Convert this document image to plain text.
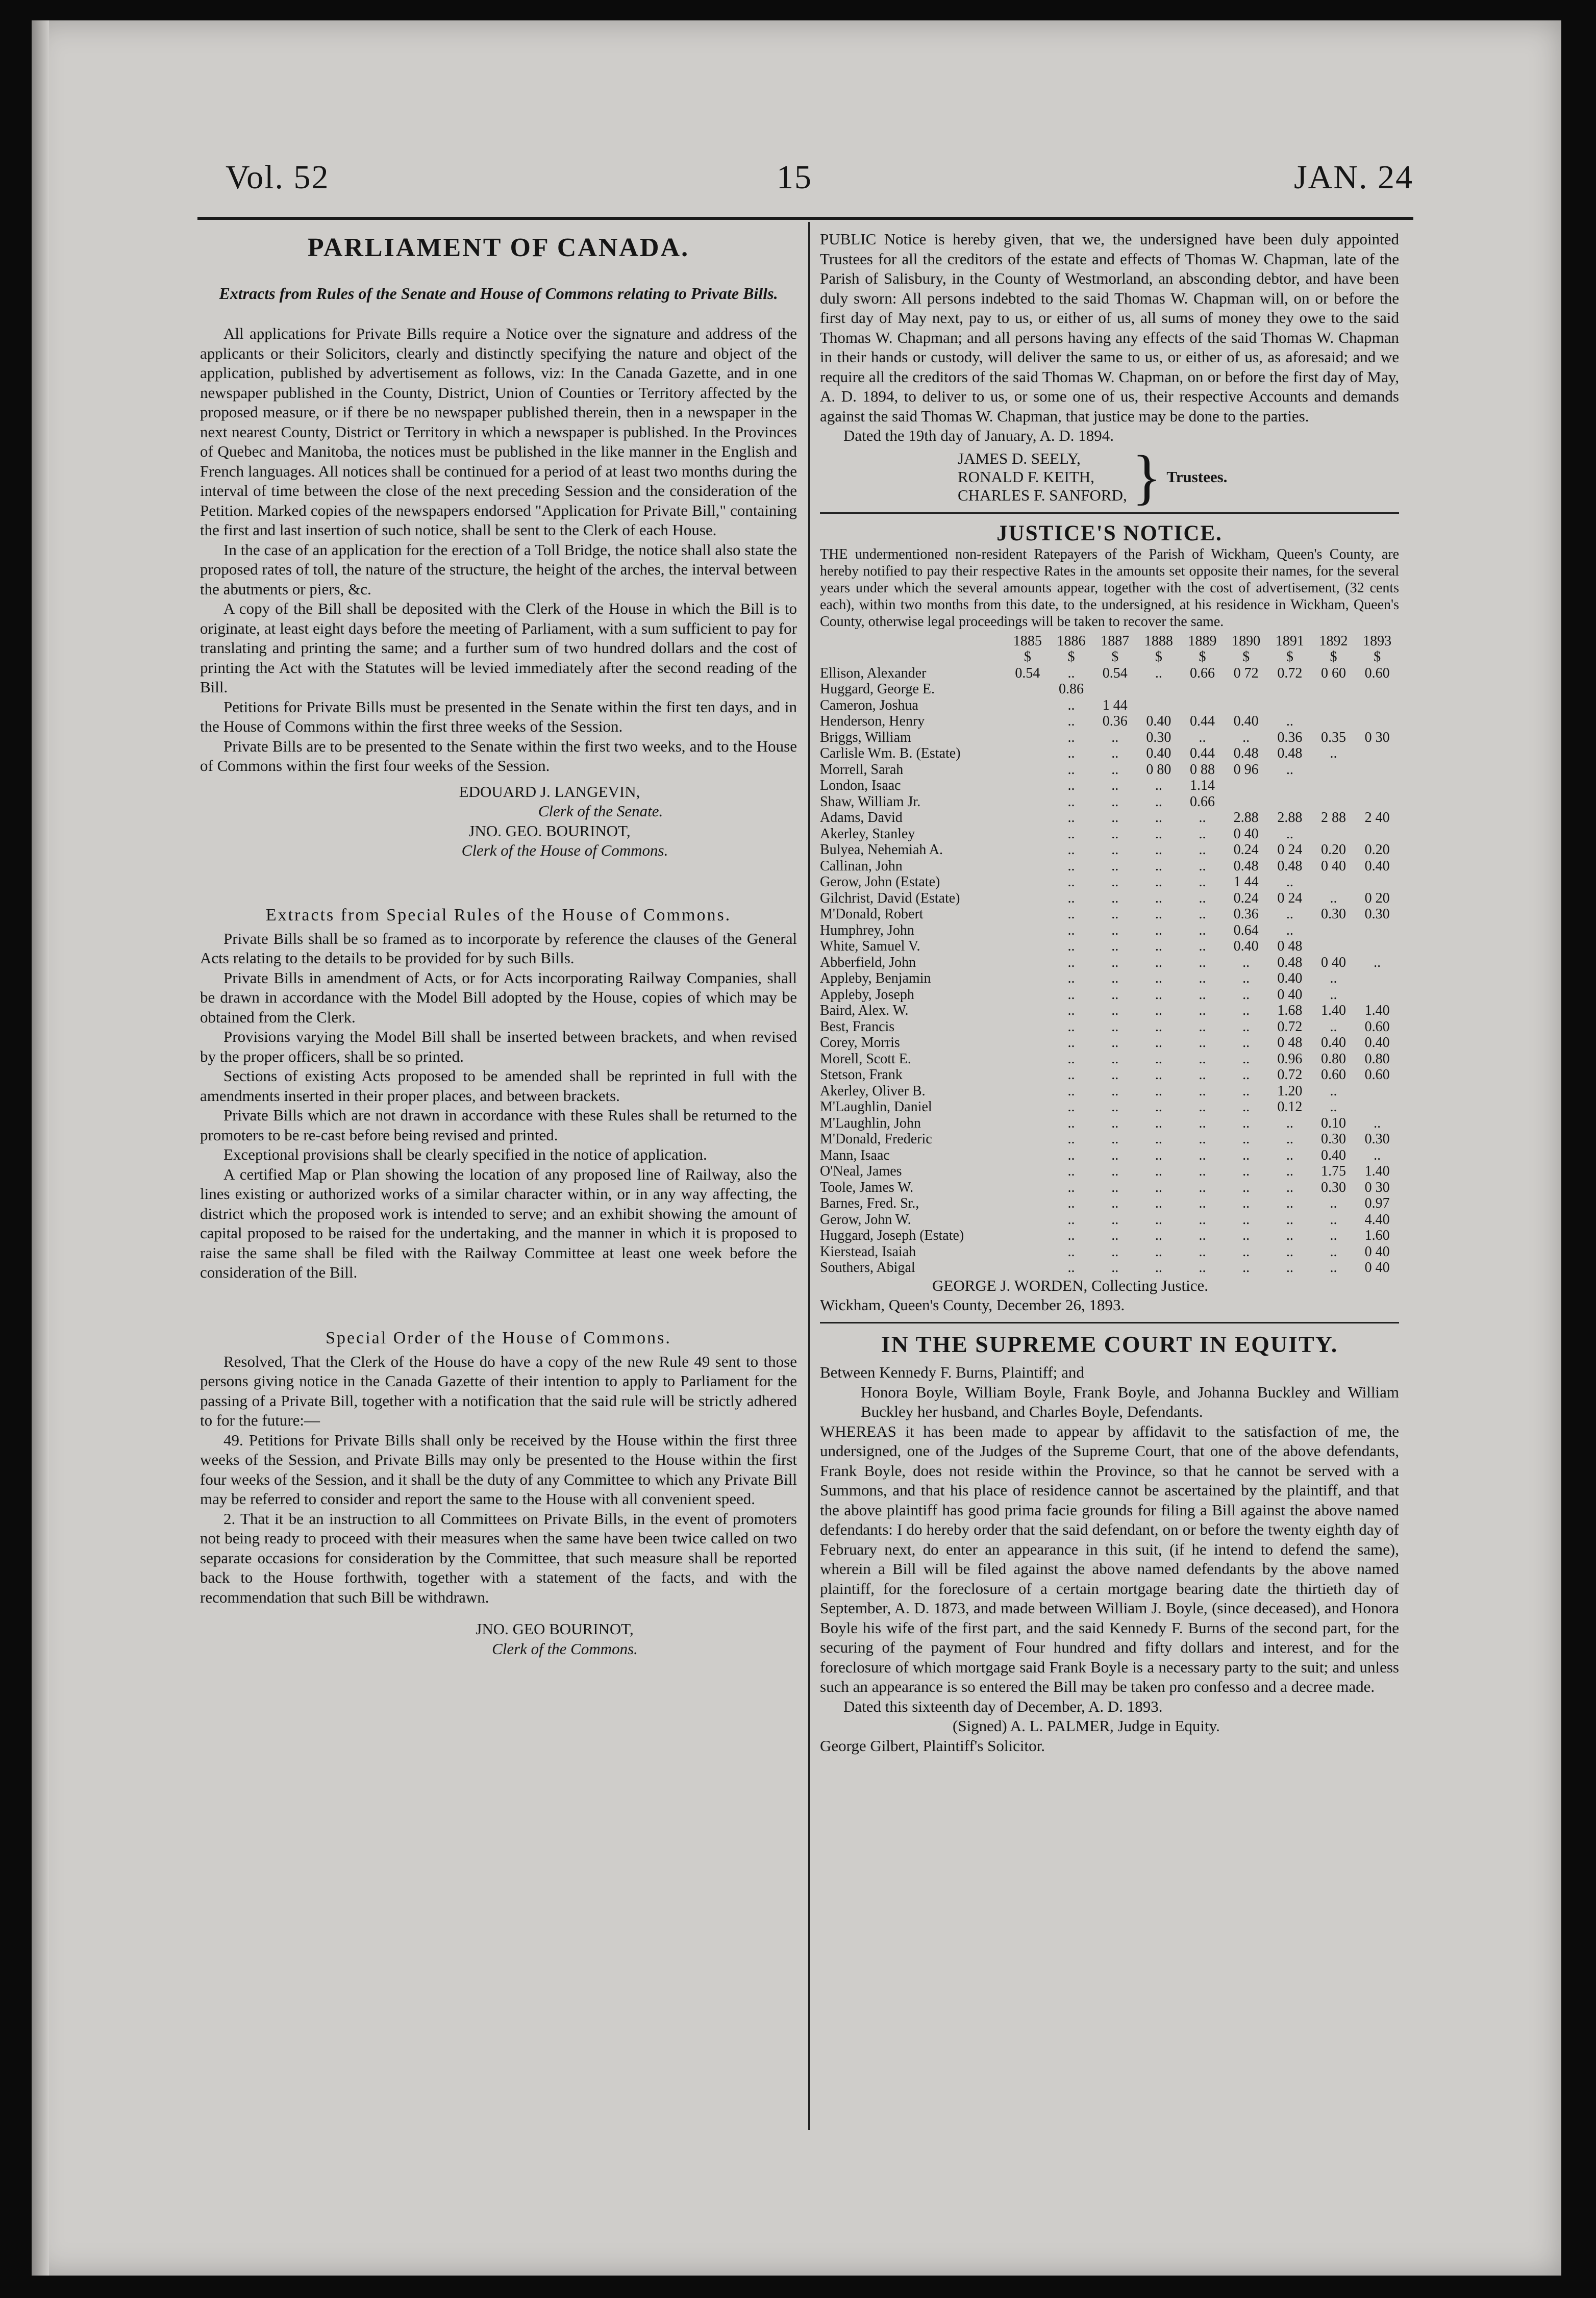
Vol. 52	15	JAN. 24
PARLIAMENT OF CANADA.
Extracts from Rules of the Senate and House of Commons relating to Private Bills.

All applications for Private Bills require a Notice over the signature and address of the applicants or their Solicitors, clearly and distinctly specifying the nature and object of the application, published by advertisement as follows, viz: In the Canada Gazette, and in one newspaper published in the County, District, Union of Counties or Territory affected by the proposed measure, or if there be no newspaper published therein, then in a newspaper in the next nearest County, District or Territory in which a newspaper is published. In the Provinces of Quebec and Manitoba, the notices must be published in the like manner in the English and French languages. All notices shall be continued for a period of at least two months during the interval of time between the close of the next preceding Session and the consideration of the Petition. Marked copies of the newspapers endorsed "Application for Private Bill," containing the first and last insertion of such notice, shall be sent to the Clerk of each House.

In the case of an application for the erection of a Toll Bridge, the notice shall also state the proposed rates of toll, the nature of the structure, the height of the arches, the interval between the abutments or piers, &c.

A copy of the Bill shall be deposited with the Clerk of the House in which the Bill is to originate, at least eight days before the meeting of Parliament, with a sum sufficient to pay for translating and printing the same; and a further sum of two hundred dollars and the cost of printing the Act with the Statutes will be levied immediately after the second reading of the Bill.

Petitions for Private Bills must be presented in the Senate within the first ten days, and in the House of Commons within the first three weeks of the Session.

Private Bills are to be presented to the Senate within the first two weeks, and to the House of Commons within the first four weeks of the Session.

EDOUARD J. LANGEVIN,
Clerk of the Senate.
JNO. GEO. BOURINOT,
Clerk of the House of Commons.
Extracts from Special Rules of the House of Commons.

Private Bills shall be so framed as to incorporate by reference the clauses of the General Acts relating to the details to be provided for by such Bills.

Private Bills in amendment of Acts, or for Acts incorporating Railway Companies, shall be drawn in accordance with the Model Bill adopted by the House, copies of which may be obtained from the Clerk.

Provisions varying the Model Bill shall be inserted between brackets, and when revised by the proper officers, shall be so printed.

Sections of existing Acts proposed to be amended shall be reprinted in full with the amendments inserted in their proper places, and between brackets.

Private Bills which are not drawn in accordance with these Rules shall be returned to the promoters to be re-cast before being revised and printed.

Exceptional provisions shall be clearly specified in the notice of application.

A certified Map or Plan showing the location of any proposed line of Railway, also the lines existing or authorized works of a similar character within, or in any way affecting, the district which the proposed work is intended to serve; and an exhibit showing the amount of capital proposed to be raised for the undertaking, and the manner in which it is proposed to raise the same shall be filed with the Railway Committee at least one week before the consideration of the Bill.

Special Order of the House of Commons.

Resolved, That the Clerk of the House do have a copy of the new Rule 49 sent to those persons giving notice in the Canada Gazette of their intention to apply to Parliament for the passing of a Private Bill, together with a notification that the said rule will be strictly adhered to for the future:—

49. Petitions for Private Bills shall only be received by the House within the first three weeks of the Session, and Private Bills may only be presented to the House within the first four weeks of the Session, and it shall be the duty of any Committee to which any Private Bill may be referred to consider and report the same to the House with all convenient speed.

2. That it be an instruction to all Committees on Private Bills, in the event of promoters not being ready to proceed with their measures when the same have been twice called on two separate occasions for consideration by the Committee, that such measure shall be reported back to the House forthwith, together with a statement of the facts, and with the recommendation that such Bill be withdrawn.

JNO. GEO BOURINOT,
Clerk of the Commons.

PUBLIC Notice is hereby given, that we, the undersigned have been duly appointed Trustees for all the creditors of the estate and effects of Thomas W. Chapman, late of the Parish of Salisbury, in the County of Westmorland, an absconding debtor, and have been duly sworn: All persons indebted to the said Thomas W. Chapman will, on or before the first day of May next, pay to us, or either of us, all sums of money they owe to the said Thomas W. Chapman; and all persons having any effects of the said Thomas W. Chapman in their hands or custody, will deliver the same to us, or either of us, as aforesaid; and we require all the creditors of the said Thomas W. Chapman, on or before the first day of May, A. D. 1894, to deliver to us, or some one of us, their respective Accounts and demands against the said Thomas W. Chapman, that justice may be done to the parties.

Dated the 19th day of January, A. D. 1894.

JAMES D. SEELY,
RONALD F. KEITH,
CHARLES F. SANFORD, } Trustees.
JUSTICE'S NOTICE.

THE undermentioned non-resident Ratepayers of the Parish of Wickham, Queen's County, are hereby notified to pay their respective Rates in the amounts set opposite their names, for the several years under which the several amounts appear, together with the cost of advertisement, (32 cents each), within two months from this date, to the undersigned, at his residence in Wickham, Queen's County, otherwise legal proceedings will be taken to recover the same.

	1885	1886	1887	1888	1889	1890	1891	1892	1893
	$	$	$	$	$	$	$	$	$
Ellison, Alexander	0.54	..	0.54	..	0.66	0 72	0.72	0 60	0.60
Huggard, George E.		0.86							
Cameron, Joshua		..	1 44						
Henderson, Henry		..	0.36	0.40	0.44	0.40	..		
Briggs, William		..	..	0.30	..	..	0.36	0.35	0 30
Carlisle Wm. B. (Estate)		..	..	0.40	0.44	0.48	0.48	..	
Morrell, Sarah		..	..	0 80	0 88	0 96	..		
London, Isaac		..	..	..	1.14				
Shaw, William Jr.		..	..	..	0.66				
Adams, David		..	..	..	..	2.88	2.88	2 88	2 40
Akerley, Stanley		..	..	..	..	0 40	..		
Bulyea, Nehemiah A.		..	..	..	..	0.24	0 24	0.20	0.20
Callinan, John		..	..	..	..	0.48	0.48	0 40	0.40
Gerow, John (Estate)		..	..	..	..	1 44	..		
Gilchrist, David (Estate)		..	..	..	..	0.24	0 24	..	0 20
M'Donald, Robert		..	..	..	..	0.36	..	0.30	0.30
Humphrey, John		..	..	..	..	0.64	..		
White, Samuel V.		..	..	..	..	0.40	0 48		
Abberfield, John		..	..	..	..	..	0.48	0 40	..
Appleby, Benjamin		..	..	..	..	..	0.40	..	
Appleby, Joseph		..	..	..	..	..	0 40	..	
Baird, Alex. W.		..	..	..	..	..	1.68	1.40	1.40
Best, Francis		..	..	..	..	..	0.72	..	0.60
Corey, Morris		..	..	..	..	..	0 48	0.40	0.40
Morell, Scott E.		..	..	..	..	..	0.96	0.80	0.80
Stetson, Frank		..	..	..	..	..	0.72	0.60	0.60
Akerley, Oliver B.		..	..	..	..	..	1.20	..	
M'Laughlin, Daniel		..	..	..	..	..	0.12	..	
M'Laughlin, John		..	..	..	..	..	..	0.10	..
M'Donald, Frederic		..	..	..	..	..	..	0.30	0.30
Mann, Isaac		..	..	..	..	..	..	0.40	..
O'Neal, James		..	..	..	..	..	..	1.75	1.40
Toole, James W.		..	..	..	..	..	..	0.30	0 30
Barnes, Fred. Sr.,		..	..	..	..	..	..	..	0.97
Gerow, John W.		..	..	..	..	..	..	..	4.40
Huggard, Joseph (Estate)		..	..	..	..	..	..	..	1.60
Kierstead, Isaiah		..	..	..	..	..	..	..	0 40
Southers, Abigal		..	..	..	..	..	..	..	0 40
GEORGE J. WORDEN, Collecting Justice.
Wickham, Queen's County, December 26, 1893.
IN THE SUPREME COURT IN EQUITY.

Between Kennedy F. Burns, Plaintiff; and

Honora Boyle, William Boyle, Frank Boyle, and Johanna Buckley and William Buckley her husband, and Charles Boyle, Defendants.

WHEREAS it has been made to appear by affidavit to the satisfaction of me, the undersigned, one of the Judges of the Supreme Court, that one of the above defendants, Frank Boyle, does not reside within the Province, so that he cannot be served with a Summons, and that his place of residence cannot be ascertained by the plaintiff, and that the above plaintiff has good prima facie grounds for filing a Bill against the above named defendants: I do hereby order that the said defendant, on or before the twenty eighth day of February next, do enter an appearance in this suit, (if he intend to defend the same), wherein a Bill will be filed against the above named defendants by the above named plaintiff, for the foreclosure of a certain mortgage bearing date the thirtieth day of September, A. D. 1873, and made between William J. Boyle, (since deceased), and Honora Boyle his wife of the first part, and the said Kennedy F. Burns of the second part, for the securing of the payment of Four hundred and fifty dollars and interest, and for the foreclosure of which mortgage said Frank Boyle is a necessary party to the suit; and unless such an appearance is so entered the Bill may be taken pro confesso and a decree made.

Dated this sixteenth day of December, A. D. 1893.

(Signed) A. L. PALMER, Judge in Equity.

George Gilbert, Plaintiff's Solicitor.
